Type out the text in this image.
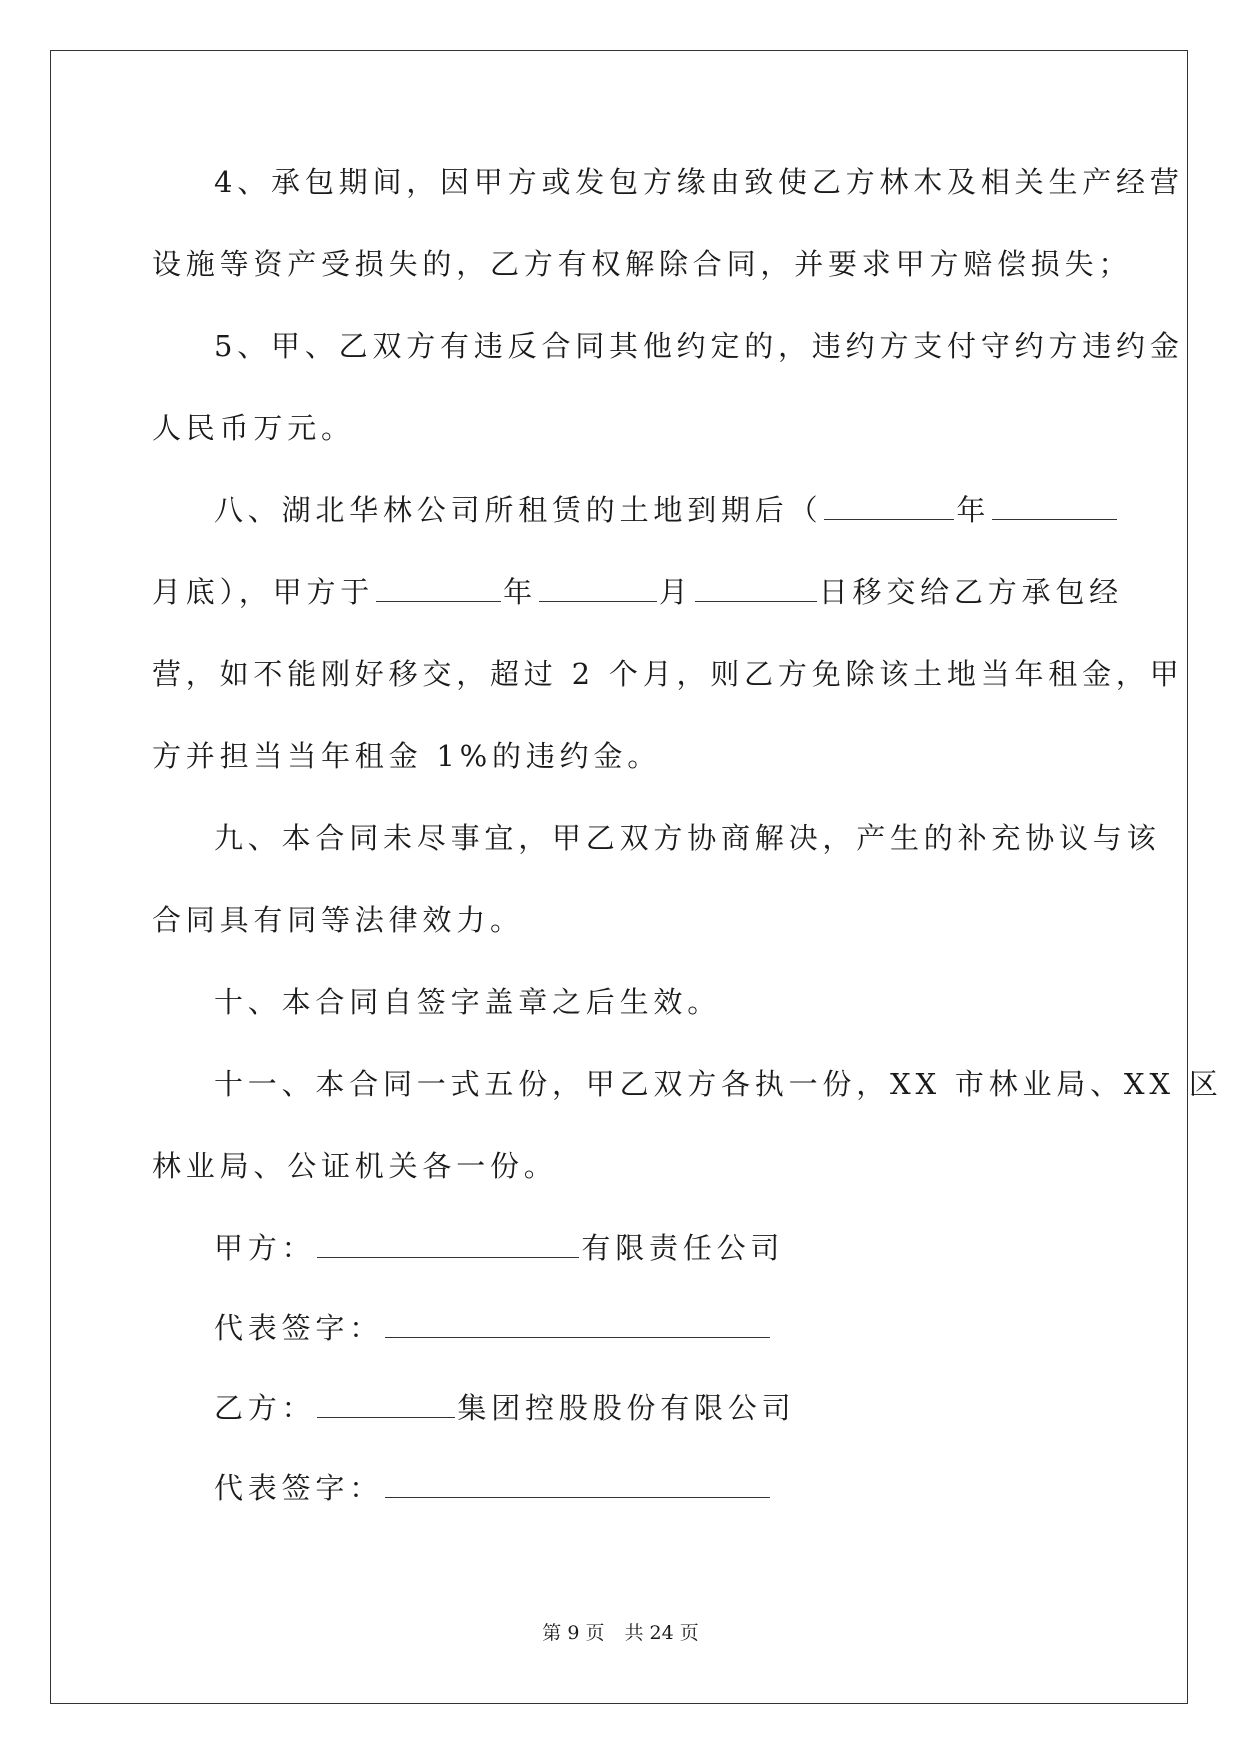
4、承包期间，因甲方或发包方缘由致使乙方林木及相关生产经营
设施等资产受损失的，乙方有权解除合同，并要求甲方赔偿损失；
5、甲、乙双方有违反合同其他约定的，违约方支付守约方违约金
人民币万元。
八、湖北华林公司所租赁的土地到期后（	年
月底），甲方于	年	月	日移交给乙方承包经
营，如不能刚好移交，超过 2 个月，则乙方免除该土地当年租金，甲
方并担当当年租金 1%的违约金。
九、本合同未尽事宜，甲乙双方协商解决，产生的补充协议与该
合同具有同等法律效力。
十、本合同自签字盖章之后生效。
十一、本合同一式五份，甲乙双方各执一份，XX 市林业局、XX 区
林业局、公证机关各一份。
甲方：	有限责任公司
代表签字：
乙方：	集团控股股份有限公司
代表签字：
第 9 页 共 24 页
